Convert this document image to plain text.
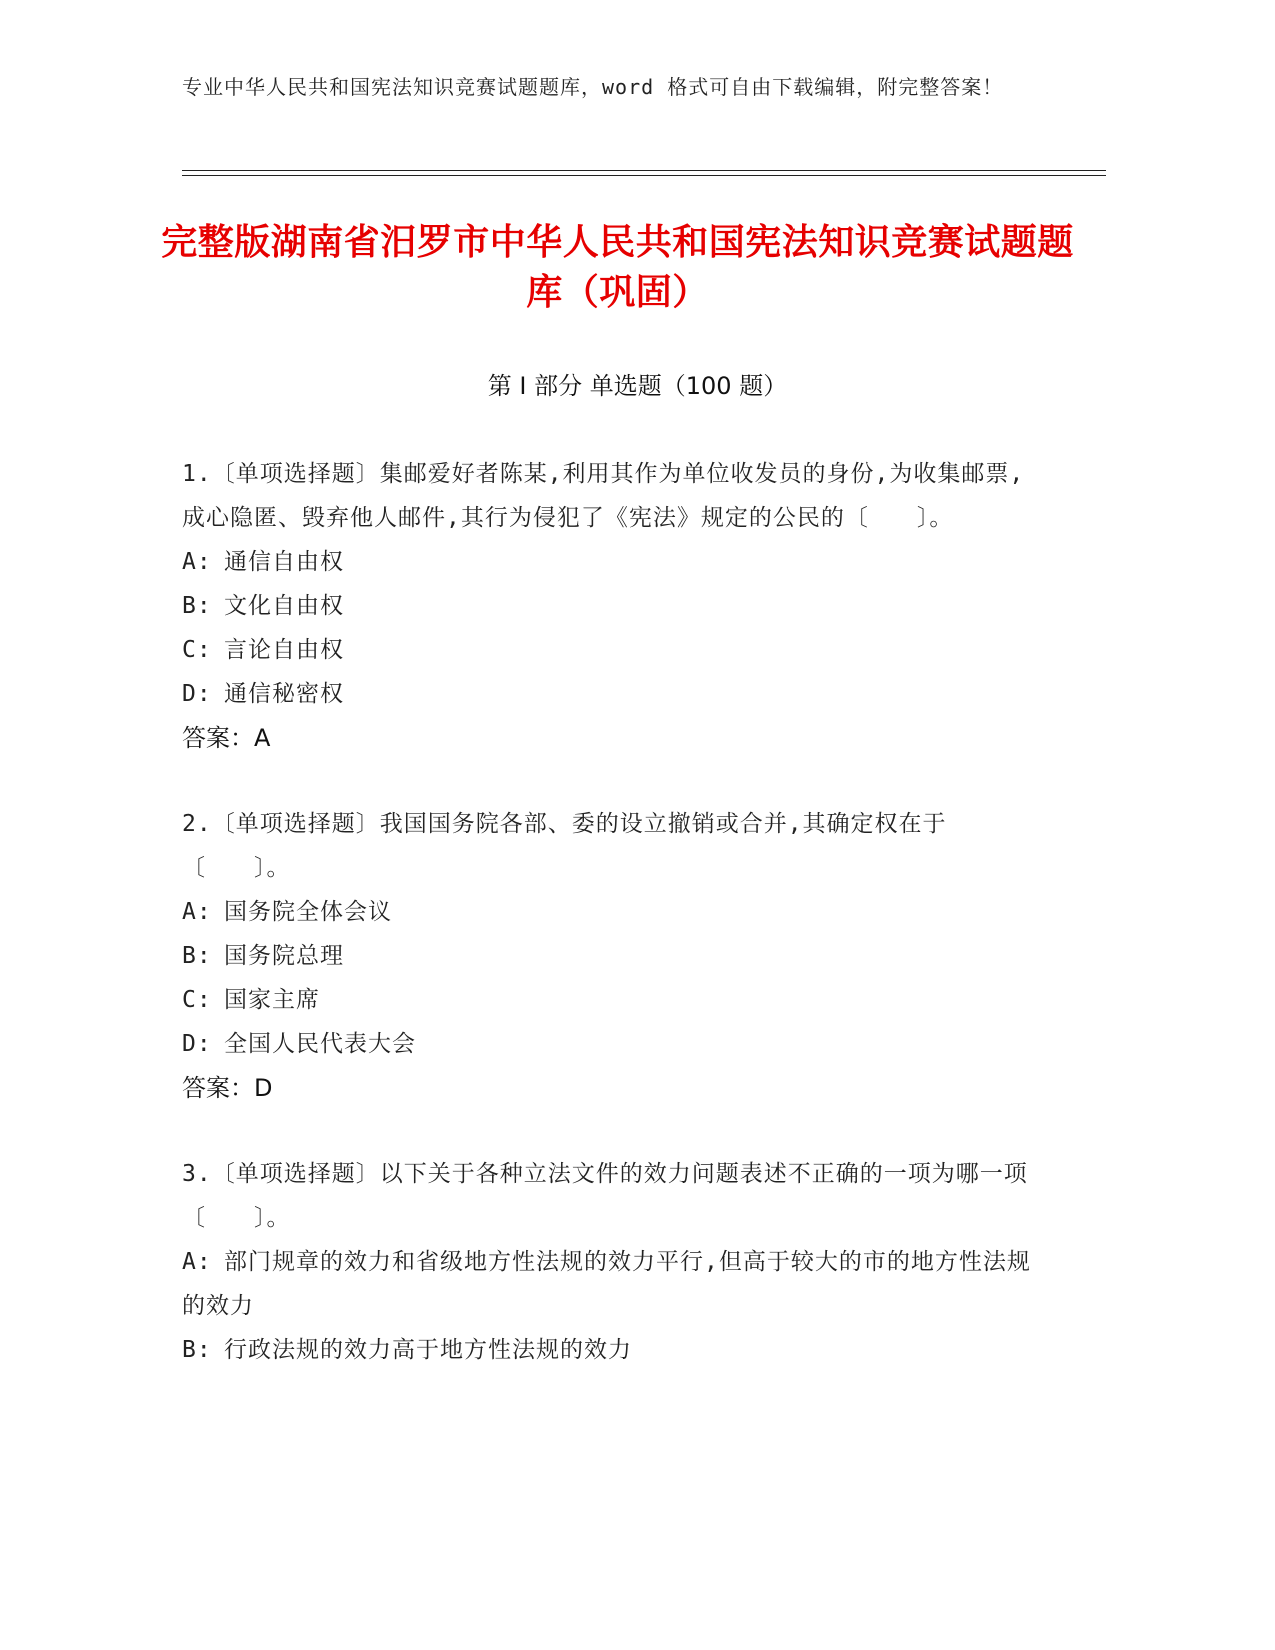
专业中华人民共和国宪法知识竞赛试题题库，word 格式可自由下载编辑，附完整答案！
完整版湖南省汨罗市中华人民共和国宪法知识竞赛试题题库（巩固）
第 I 部分 单选题（100 题）

1.〔单项选择题〕集邮爱好者陈某,利用其作为单位收发员的身份,为收集邮票,成心隐匿、毁弃他人邮件,其行为侵犯了《宪法》规定的公民的〔　　〕。

A: 通信自由权

B: 文化自由权

C: 言论自由权

D: 通信秘密权

答案：A

2.〔单项选择题〕我国国务院各部、委的设立撤销或合并,其确定权在于〔　　〕。

A: 国务院全体会议

B: 国务院总理

C: 国家主席

D: 全国人民代表大会

答案：D

3.〔单项选择题〕以下关于各种立法文件的效力问题表述不正确的一项为哪一项〔　　〕。

A: 部门规章的效力和省级地方性法规的效力平行,但高于较大的市的地方性法规的效力

B: 行政法规的效力高于地方性法规的效力
